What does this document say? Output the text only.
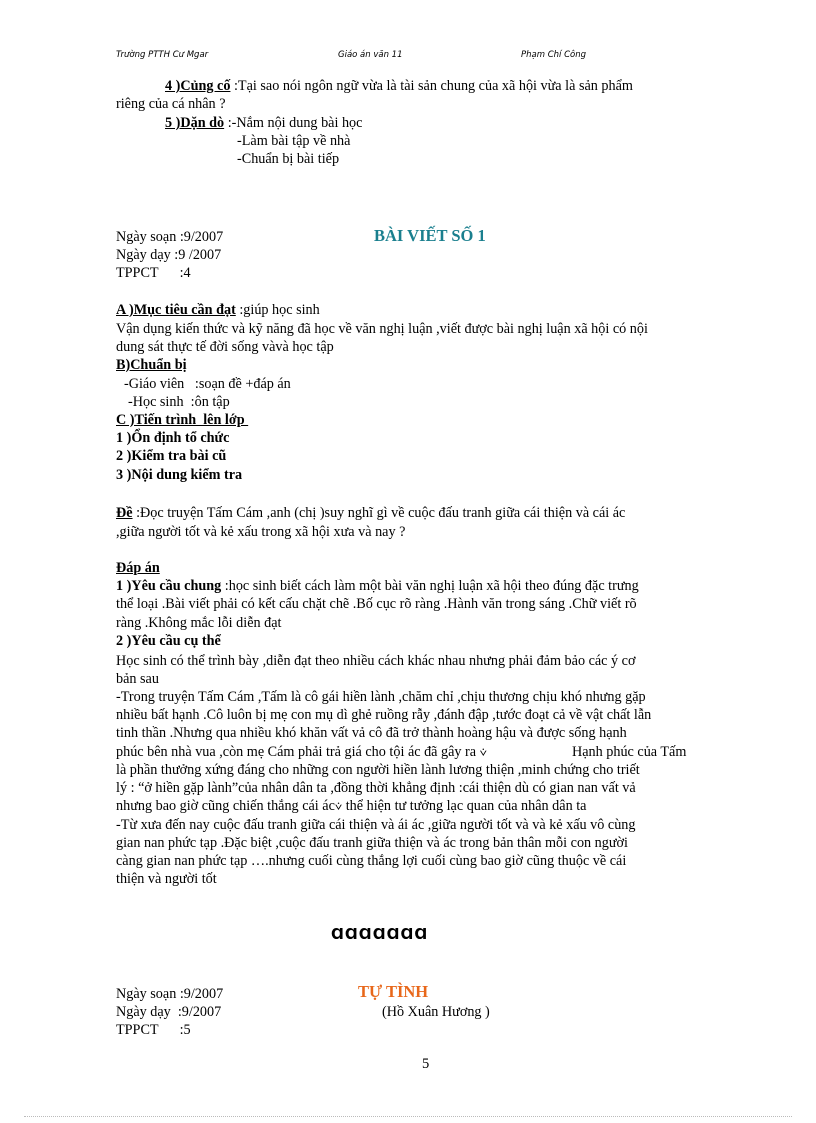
Trường PTTH Cư Mgar	Giáo án văn 11	Phạm Chí Công
4 )Củng cố :Tại sao nói ngôn ngữ vừa là tài sản chung của xã hội vừa là sản phẩm
riêng của cá nhân ?
5 )Dặn dò :-Nắm nội dung bài học
-Làm bài tập về nhà
-Chuẩn bị bài tiếp
Ngày soạn :9/2007	BÀI VIẾT SỐ 1
Ngày dạy :9 /2007
TPPCT      :4
A )Mục tiêu cần đạt :giúp học sinh
Vận dụng kiến thức và kỹ năng đã học về văn nghị luận ,viết được bài nghị luận xã hội có nội
dung sát thực tế đời sống vàvà học tập
B)Chuẩn bị
-Giáo viên   :soạn đề +đáp án
-Học sinh  :ôn tập
C )Tiến trình  lên lớp
1 )Ổn định tổ chức
2 )Kiểm tra bài cũ
3 )Nội dung kiểm tra
Đề :Đọc truyện Tấm Cám ,anh (chị )suy nghĩ gì về cuộc đấu tranh giữa cái thiện và cái ác
,giữa người tốt và kẻ xấu trong xã hội xưa và nay ?
Đáp án
1 )Yêu cầu chung :học sinh biết cách làm một bài văn nghị luận xã hội theo đúng đặc trưng
thể loại .Bài viết phải có kết cấu chặt chẽ .Bố cục rõ ràng .Hành văn trong sáng .Chữ viết rõ
ràng .Không mắc lỗi diễn đạt
2 )Yêu cầu cụ thể
Học sinh có thể trình bày ,diễn đạt theo nhiều cách khác nhau nhưng phải đảm bảo các ý cơ
bản sau
-Trong truyện Tấm Cám ,Tấm là cô gái hiền lành ,chăm chỉ ,chịu thương chịu khó nhưng gặp
nhiều bất hạnh .Cô luôn bị mẹ con mụ dì ghẻ ruồng rẫy ,đánh đập ,tước đoạt cả về vật chất lẫn
tinh thần .Nhưng qua nhiều khó khăn vất vả cô đã trở thành hoàng hậu và được sống hạnh
phúc bên nhà vua ,còn mẹ Cám phải trả giá cho tội ác đã gây ra ⩒	Hạnh phúc của Tấm
là phần thưởng xứng đáng cho những con người hiền lành lương thiện ,minh chứng cho triết
lý : “ở hiền gặp lành”của nhân dân ta ,đồng thời khẳng định :cái thiện dù có gian nan vất vả
nhưng bao giờ cũng chiến thắng cái ác⩒ thể hiện tư tưởng lạc quan của nhân dân ta
-Từ xưa đến nay cuộc đấu tranh giữa cái thiện và ái ác ,giữa người tốt và và kẻ xấu vô cùng
gian nan phức tạp .Đặc biệt ,cuộc đấu tranh giữa thiện và ác trong bản thân mỗi con người
càng gian nan phức tạp ….nhưng cuối cùng thắng lợi cuối cùng bao giờ cũng thuộc về cái
thiện và người tốt
ⱭⱭⱭⱭⱭⱭⱭ
Ngày soạn :9/2007	TỰ TÌNH
Ngày dạy  :9/2007	(Hồ Xuân Hương )
TPPCT      :5
5
